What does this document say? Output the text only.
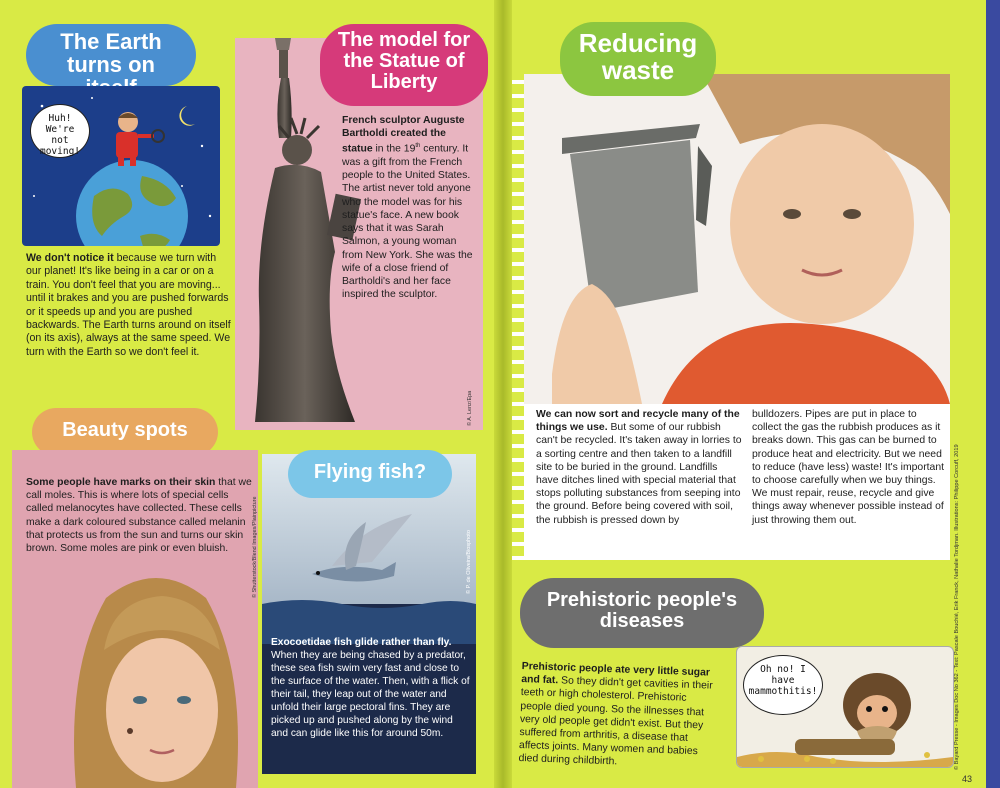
The Earth turns on
Huh! We're not moving!
We don't notice it because we turn with our planet! It's like being in a car or on a train. You don't feel that you are moving... until it brakes and you are pushed forwards or it speeds up and you are pushed backwards. The Earth turns around on itself (on its axis), always at the same speed. We turn with the Earth so we don't feel it.
© A. Lenz/Epa
The model for the Statue of Liberty
French sculptor Auguste Bartholdi created the statue in the 19th century. It was a gift from the French people to the United States. The artist never told anyone who the model was for his statue's face. A new book says that it was Sarah Salmon, a young woman from New York. She was the wife of a close friend of Bartholdi's and her face inspired the sculptor.
Beauty spots
© Shutterstock/Blend Images/Plainpicture
Some people have marks on their skin that we call moles. This is where lots of special cells called melanocytes have collected. These cells make a dark coloured substance called melanin that protects us from the sun and turns our skin brown. Some moles are pink or even bluish.	© P. de Oliveira/Biosphoto
Flying fish?
Exocoetidae fish glide rather than fly. When they are being chased by a predator, these sea fish swim very fast and close to the surface of the water. Then, with a flick of their tail, they leap out of the water and unfold their large pectoral fins. They are picked up and pushed along by the wind and can glide like this for around 50m.
Reducing waste
We can now sort and recycle many of the things we use. But some of our rubbish can't be recycled. It's taken away in lorries to a sorting centre and then taken to a landfill site to be buried in the ground. Landfills have ditches lined with special material that stops polluting substances from seeping into the ground. Before being covered with soil, the rubbish is pressed down by
bulldozers. Pipes are put in place to collect the gas the rubbish produces as it breaks down. This gas can be burned to produce heat and electricity. But we need to reduce (have less) waste! It's important to choose carefully when we buy things. We must repair, reuse, recycle and give things away whenever possible instead of just throwing them out.
Prehistoric people's diseases
Prehistoric people ate very little sugar and fat. So they didn't get cavities in their teeth or high cholesterol. Prehistoric people died young. So the illnesses that very old people get didn't exist. But they suffered from arthritis, a disease that affects joints. Many women and babies died during childbirth.
Oh no! I have mammothitis!
43
© Bayard Presse - Images Doc No 362 - Text: Pascale Bouchié, Erik Franck, Nathalie Tordjman. Illustrations: Philippe Corcuff, 2019
